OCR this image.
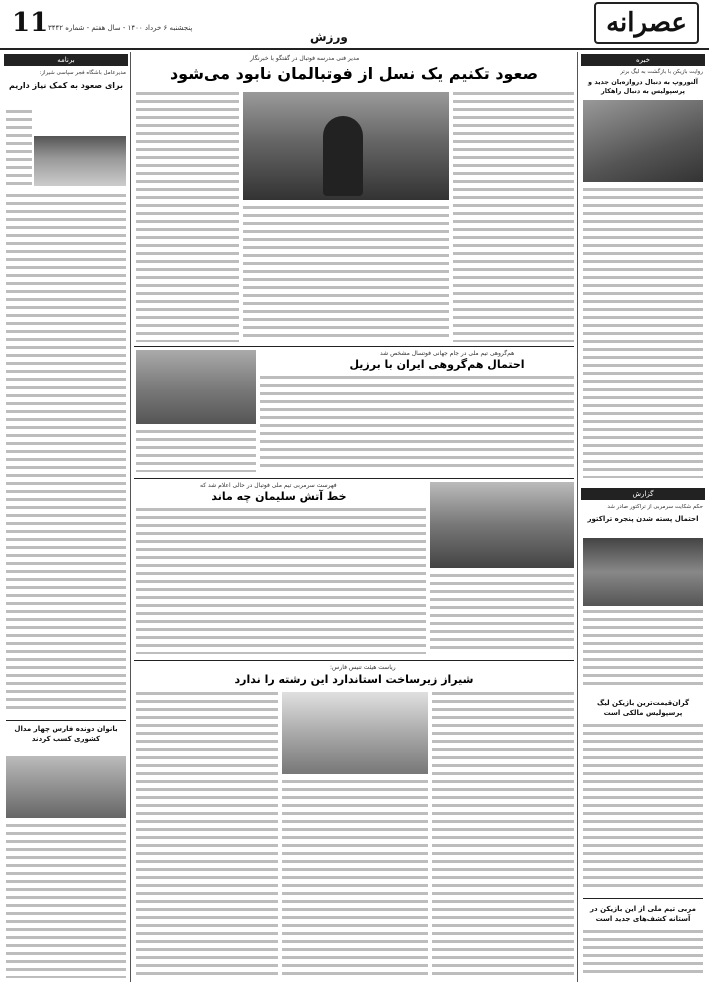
11 پنجشنبه ۶ خرداد ۱۴۰۰ - سال هفتم - شماره ۳۴۴۲
ورزش	عصرانه
خبره
روایت بازیکن با بازگشت به لیگ برتر
آلنوروپ به دنبال دروازه‌بان جدید و پرسپولیس به دنبال راهکار
گزارش
حکم شکایت سرمربی از تراکتور صادر شد
احتمال پسته شدن پنجره تراکتور
گران‌قیمت‌ترین بازیکن لیگ پرسپولیس مالکی است
مربی تیم ملی از این بازیکن در آستانه کشف‌های جدید است
برنامه
مدیرعامل باشگاه فجر سپاسی شیراز:
برای صعود به کمک نیاز داریم
بانوان دونده فارس چهار مدال کشوری کسب کردند
مدیر فنی مدرسه فوتبال در گفتگو با خبرنگار
صعود تکنیم یک نسل از فوتبالمان نابود می‌شود
هم‌گروهی تیم ملی در جام جهانی فوتسال مشخص شد
احتمال هم‌گروهی ایران با برزیل
فهرست سرمربی تیم ملی فوتبال در حالی اعلام شد که
خط آتش سلیمان چه ماند
ریاست هیئت تنیس فارس:
شیراز زیرساخت استاندارد این رشته را ندارد
